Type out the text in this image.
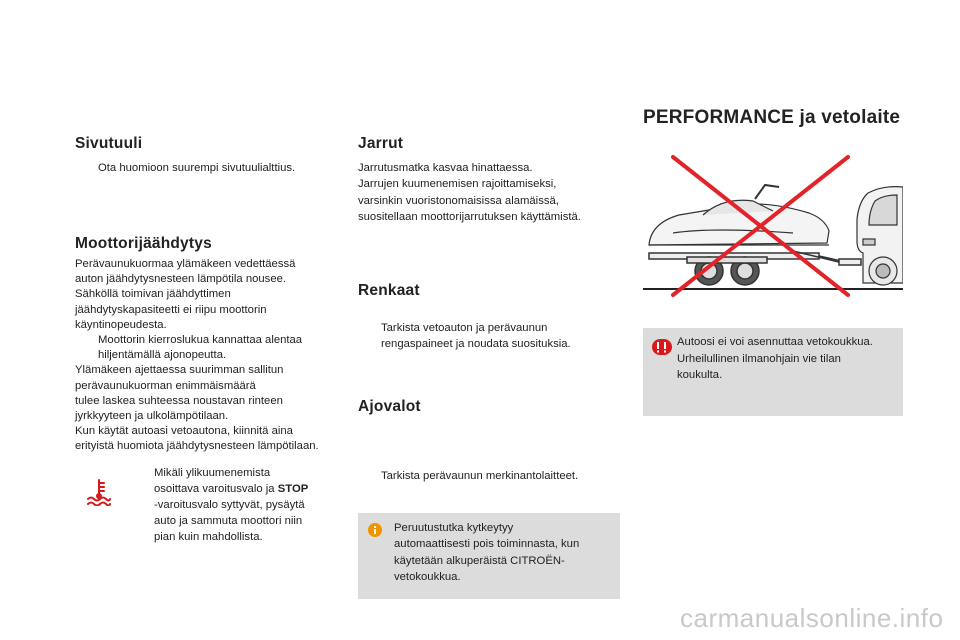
Sivutuuli
Ota huomioon suurempi sivutuulialttius.
Moottorijäähdytys
Perävaunukuormaa ylämäkeen vedettäessä
auton jäähdytysnesteen lämpötila nousee.
Sähköllä toimivan jäähdyttimen
jäähdytyskapasiteetti ei riipu moottorin
käyntinopeudesta.
Moottorin kierroslukua kannattaa alentaa
hiljentämällä ajonopeutta.
Ylämäkeen ajettaessa suurimman sallitun
perävaunukuorman enimmäismäärä
tulee laskea suhteessa noustavan rinteen
jyrkkyyteen ja ulkolämpötilaan.
Kun käytät autoasi vetoautona, kiinnitä aina
erityistä huomiota jäähdytysnesteen lämpötilaan.
Mikäli ylikuumenemista
osoittava varoitusvalo ja STOP
-varoitusvalo syttyvät, pysäytä
auto ja sammuta moottori niin
pian kuin mahdollista.
Jarrut
Jarrutusmatka kasvaa hinattaessa.
Jarrujen kuumenemisen rajoittamiseksi,
varsinkin vuoristonomaisissa alamäissä,
suositellaan moottorijarrutuksen käyttämistä.
Renkaat
Tarkista vetoauton ja perävaunun
rengaspaineet ja noudata suosituksia.
Ajovalot
Tarkista perävaunun merkinantolaitteet.
Peruutustutka kytkeytyy
automaattisesti pois toiminnasta, kun
käytetään alkuperäistä CITROËN-
vetokoukkua.
PERFORMANCE ja vetolaite
Autoosi ei voi asennuttaa vetokoukkua.
Urheilullinen ilmanohjain vie tilan
koukulta.
carmanualsonline.info
